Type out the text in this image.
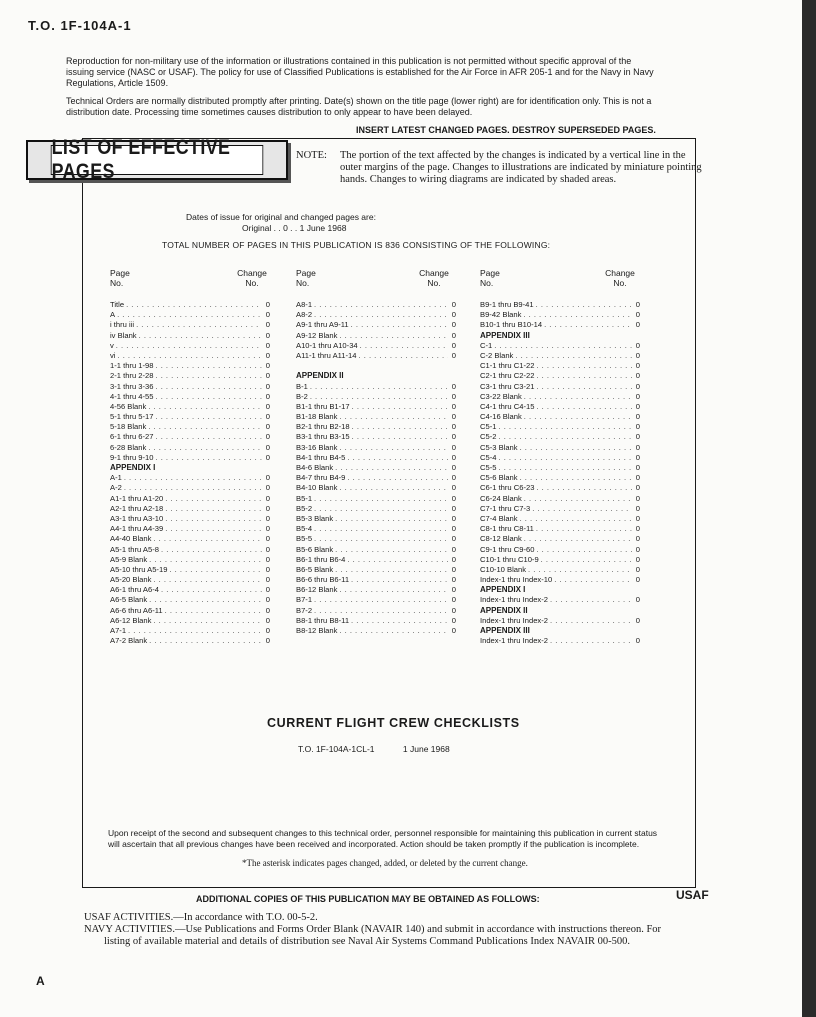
T.O. 1F-104A-1
Reproduction for non-military use of the information or illustrations contained in this publication is not permitted without specific approval of the issuing service (NASC or USAF). The policy for use of Classified Publications is established for the Air Force in AFR 205-1 and for the Navy in Navy Regulations, Article 1509.
Technical Orders are normally distributed promptly after printing. Date(s) shown on the title page (lower right) are for identification only. This is not a distribution date. Processing time sometimes causes distribution to only appear to have been delayed.
INSERT LATEST CHANGED PAGES. DESTROY SUPERSEDED PAGES.
LIST OF EFFECTIVE PAGES
NOTE: The portion of the text affected by the changes is indicated by a vertical line in the outer margins of the page. Changes to illustrations are indicated by miniature pointing hands. Changes to wiring diagrams are indicated by shaded areas.
Dates of issue for original and changed pages are:
Original . . 0 . . 1 June 1968
TOTAL NUMBER OF PAGES IN THIS PUBLICATION IS 836 CONSISTING OF THE FOLLOWING:
Page
No.
Change
No.
Page
No.
Change
No.
Page
No.
Change
No.
Title . . .	0
A . . .	0
i thru iii . . .	0
iv Blank . . .	0
v . . .	0
vi . . .	0
1-1 thru 1-98 . . .	0
2-1 thru 2-28 . . .	0
3-1 thru 3-36 . . .	0
4-1 thru 4-55 . . .	0
4-56 Blank . . .	0
5-1 thru 5-17 . . .	0
5-18 Blank . . .	0
6-1 thru 6-27 . . .	0
6-28 Blank . . .	0
9-1 thru 9-10 . . .	0
APPENDIX I
A-1 . . .	0
A-2 . . .	0
A1-1 thru A1-20 . . .	0
A2-1 thru A2-18 . . .	0
A3-1 thru A3-10 . . .	0
A4-1 thru A4-39 . . .	0
A4-40 Blank . . .	0
A5-1 thru A5-8 . . .	0
A5-9 Blank . . .	0
A5-10 thru A5-19 . . .	0
A5-20 Blank . . .	0
A6-1 thru A6-4 . . .	0
A6-5 Blank . . .	0
A6-6 thru A6-11 . . .	0
A6-12 Blank . . .	0
A7-1 . . .	0
A7-2 Blank . . .	0
A8-1 . . .	0
A8-2 . . .	0
A9-1 thru A9-11 . . .	0
A9-12 Blank . . .	0
A10-1 thru A10-34 . . .	0
A11-1 thru A11-14 . . .	0
APPENDIX II
B-1 . . .	0
B-2 . . .	0
B1-1 thru B1-17 . . .	0
B1-18 Blank . . .	0
B2-1 thru B2-18 . . .	0
B3-1 thru B3-15 . . .	0
B3-16 Blank . . .	0
B4-1 thru B4-5 . . .	0
B4-6 Blank . . .	0
B4-7 thru B4-9 . . .	0
B4-10 Blank . . .	0
B5-1 . . .	0
B5-2 . . .	0
B5-3 Blank . . .	0
B5-4 . . .	0
B5-5 . . .	0
B5-6 Blank . . .	0
B6-1 thru B6-4 . . .	0
B6-5 Blank . . .	0
B6-6 thru B6-11 . . .	0
B6-12 Blank . . .	0
B7-1 . . .	0
B7-2 . . .	0
B8-1 thru B8-11 . . .	0
B8-12 Blank . . .	0
B9-1 thru B9-41 . . .	0
B9-42 Blank . . .	0
B10-1 thru B10-14 . . .	0
APPENDIX III
C-1 . . .	0
C-2 Blank . . .	0
C1-1 thru C1-22 . . .	0
C2-1 thru C2-22 . . .	0
C3-1 thru C3-21 . . .	0
C3-22 Blank . . .	0
C4-1 thru C4-15 . . .	0
C4-16 Blank . . .	0
C5-1 . . .	0
C5-2 . . .	0
C5-3 Blank . . .	0
C5-4 . . .	0
C5-5 . . .	0
C5-6 Blank . . .	0
C6-1 thru C6-23 . . .	0
C6-24 Blank . . .	0
C7-1 thru C7-3 . . .	0
C7-4 Blank . . .	0
C8-1 thru C8-11 . . .	0
C8-12 Blank . . .	0
C9-1 thru C9-60 . . .	0
C10-1 thru C10-9 . . .	0
C10-10 Blank . . .	0
Index-1 thru Index-10 . . .	0
APPENDIX I
Index-1 thru Index-2 . . .	0
APPENDIX II
Index-1 thru Index-2 . . .	0
APPENDIX III
Index-1 thru Index-2 . . .	0
CURRENT FLIGHT CREW CHECKLISTS
T.O. 1F-104A-1CL-1	1 June 1968
Upon receipt of the second and subsequent changes to this technical order, personnel responsible for maintaining this publication in current status will ascertain that all previous changes have been received and incorporated. Action should be taken promptly if the publication is incomplete.
*The asterisk indicates pages changed, added, or deleted by the current change.
ADDITIONAL COPIES OF THIS PUBLICATION MAY BE OBTAINED AS FOLLOWS:	USAF
USAF ACTIVITIES.—In accordance with T.O. 00-5-2.
NAVY ACTIVITIES.—Use Publications and Forms Order Blank (NAVAIR 140) and submit in accordance with instructions thereon. For listing of available material and details of distribution see Naval Air Systems Command Publications Index NAVAIR 00-500.
A
